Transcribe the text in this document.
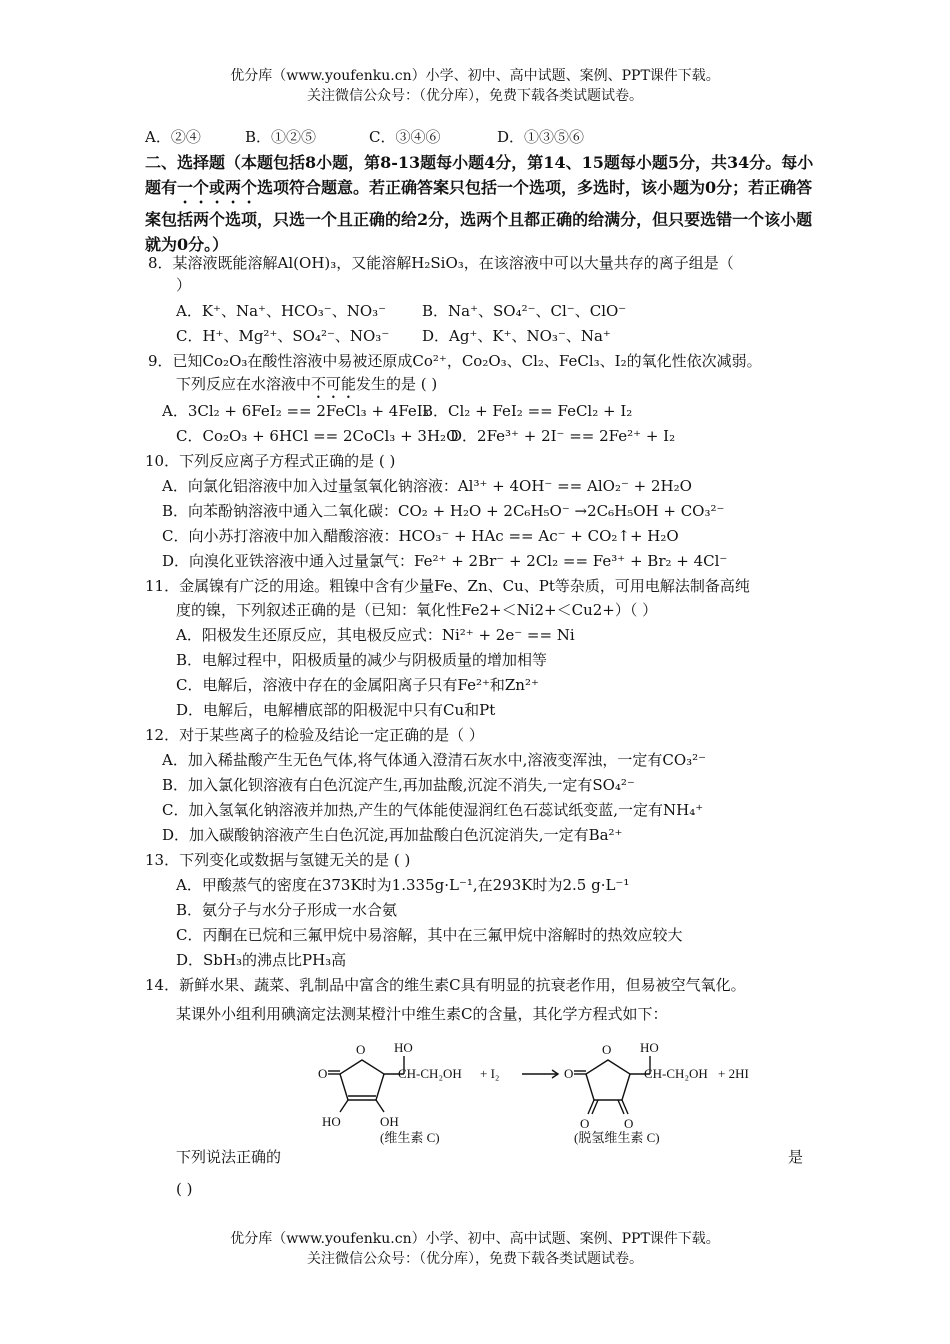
优分库（www.youfenku.cn）小学、初中、高中试题、案例、PPT课件下载。
关注微信公众号：（优分库），免费下载各类试题试卷。
A．②④	B．①②⑤	C．③④⑥	D．①③⑤⑥
二、选择题（本题包括8小题，第8-13题每小题4分，第14、15题每小题5分，共34分。每小题有一个或两个选项符合题意。若正确答案只包括一个选项，多选时，该小题为0分；若正确答案包括两个选项，只选一个且正确的给2分，选两个且都正确的给满分，但只要选错一个该小题就为0分。）
8．某溶液既能溶解Al(OH)₃，又能溶解H₂SiO₃，在该溶液中可以大量共存的离子组是（
）
A．K⁺、Na⁺、HCO₃⁻、NO₃⁻ B．Na⁺、SO₄²⁻、Cl⁻、ClO⁻
C．H⁺、Mg²⁺、SO₄²⁻、NO₃⁻ D．Ag⁺、K⁺、NO₃⁻、Na⁺
9．已知Co₂O₃在酸性溶液中易被还原成Co²⁺，Co₂O₃、Cl₂、FeCl₃、I₂的氧化性依次减弱。
下列反应在水溶液中不可能发生的是 ( )
A．3Cl₂ + 6FeI₂ == 2FeCl₃ + 4FeI₃
B．Cl₂ + FeI₂ == FeCl₂ + I₂
C．Co₂O₃ + 6HCl == 2CoCl₃ + 3H₂O
D．2Fe³⁺ + 2I⁻ == 2Fe²⁺ + I₂
10．下列反应离子方程式正确的是 ( )
A．向氯化铝溶液中加入过量氢氧化钠溶液：Al³⁺ + 4OH⁻ == AlO₂⁻ + 2H₂O
B．向苯酚钠溶液中通入二氧化碳：CO₂ + H₂O + 2C₆H₅O⁻ →2C₆H₅OH + CO₃²⁻
C．向小苏打溶液中加入醋酸溶液：HCO₃⁻ + HAc == Ac⁻ + CO₂↑+ H₂O
D．向溴化亚铁溶液中通入过量氯气：Fe²⁺ + 2Br⁻ + 2Cl₂ == Fe³⁺ + Br₂ + 4Cl⁻
11．金属镍有广泛的用途。粗镍中含有少量Fe、Zn、Cu、Pt等杂质，可用电解法制备高纯
度的镍，下列叙述正确的是（已知：氧化性Fe2+＜Ni2+＜Cu2+）（ ）
A．阳极发生还原反应，其电极反应式：Ni²⁺ + 2e⁻ == Ni
B．电解过程中，阳极质量的减少与阴极质量的增加相等
C．电解后，溶液中存在的金属阳离子只有Fe²⁺和Zn²⁺
D．电解后，电解槽底部的阳极泥中只有Cu和Pt
12．对于某些离子的检验及结论一定正确的是（ ）
A．加入稀盐酸产生无色气体,将气体通入澄清石灰水中,溶液变浑浊，一定有CO₃²⁻
B．加入氯化钡溶液有白色沉淀产生,再加盐酸,沉淀不消失,一定有SO₄²⁻
C．加入氢氧化钠溶液并加热,产生的气体能使湿润红色石蕊试纸变蓝,一定有NH₄⁺
D．加入碳酸钠溶液产生白色沉淀,再加盐酸白色沉淀消失,一定有Ba²⁺
13．下列变化或数据与氢键无关的是 ( )
A．甲酸蒸气的密度在373K时为1.335g·L⁻¹,在293K时为2.5 g·L⁻¹
B．氨分子与水分子形成一水合氨
C．丙酮在已烷和三氟甲烷中易溶解，其中在三氟甲烷中溶解时的热效应较大
D．SbH₃的沸点比PH₃高
14．新鲜水果、蔬菜、乳制品中富含的维生素C具有明显的抗衰老作用，但易被空气氧化。
某课外小组利用碘滴定法测某橙汁中维生素C的含量，其化学方程式如下：
O
O
HO	OH
HO
CH-CH₂OH
(维生素 C)
+ I₂
O
O
O	O
HO
CH-CH₂OH + 2HI
(脱氢维生素 C)
下列说法正确的	是
( )
优分库（www.youfenku.cn）小学、初中、高中试题、案例、PPT课件下载。
关注微信公众号：（优分库），免费下载各类试题试卷。
